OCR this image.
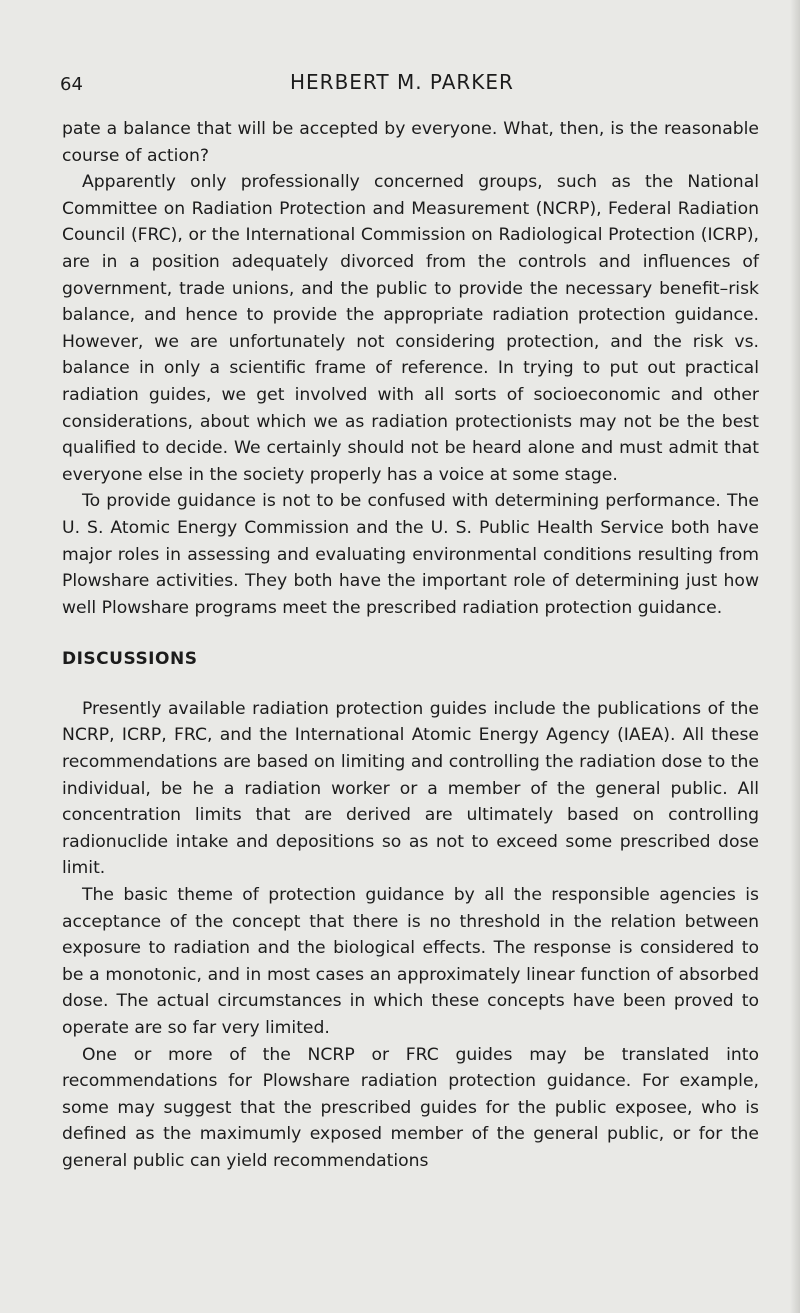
64	HERBERT M. PARKER

pate a balance that will be accepted by everyone. What, then, is the reasonable course of action?

Apparently only professionally concerned groups, such as the National Committee on Radiation Protection and Measurement (NCRP), Federal Radiation Council (FRC), or the International Commission on Radiological Protection (ICRP), are in a position adequately divorced from the controls and influences of government, trade unions, and the public to provide the necessary benefit–risk balance, and hence to provide the appropriate radiation protection guidance. However, we are unfortunately not considering protection, and the risk vs. balance in only a scientific frame of reference. In trying to put out practical radiation guides, we get involved with all sorts of socioeconomic and other considerations, about which we as radiation protectionists may not be the best qualified to decide. We certainly should not be heard alone and must admit that everyone else in the society properly has a voice at some stage.

To provide guidance is not to be confused with determining performance. The U. S. Atomic Energy Commission and the U. S. Public Health Service both have major roles in assessing and evaluating environmental conditions resulting from Plowshare activities. They both have the important role of determining just how well Plowshare programs meet the prescribed radiation protection guidance.

DISCUSSIONS

Presently available radiation protection guides include the publications of the NCRP, ICRP, FRC, and the International Atomic Energy Agency (IAEA). All these recommendations are based on limiting and controlling the radiation dose to the individual, be he a radiation worker or a member of the general public. All concentration limits that are derived are ultimately based on controlling radionuclide intake and depositions so as not to exceed some prescribed dose limit.

The basic theme of protection guidance by all the responsible agencies is acceptance of the concept that there is no threshold in the relation between exposure to radiation and the biological effects. The response is considered to be a monotonic, and in most cases an approximately linear function of absorbed dose. The actual circumstances in which these concepts have been proved to operate are so far very limited.

One or more of the NCRP or FRC guides may be translated into recommendations for Plowshare radiation protection guidance. For example, some may suggest that the prescribed guides for the public exposee, who is defined as the maximumly exposed member of the general public, or for the general public can yield recommendations
